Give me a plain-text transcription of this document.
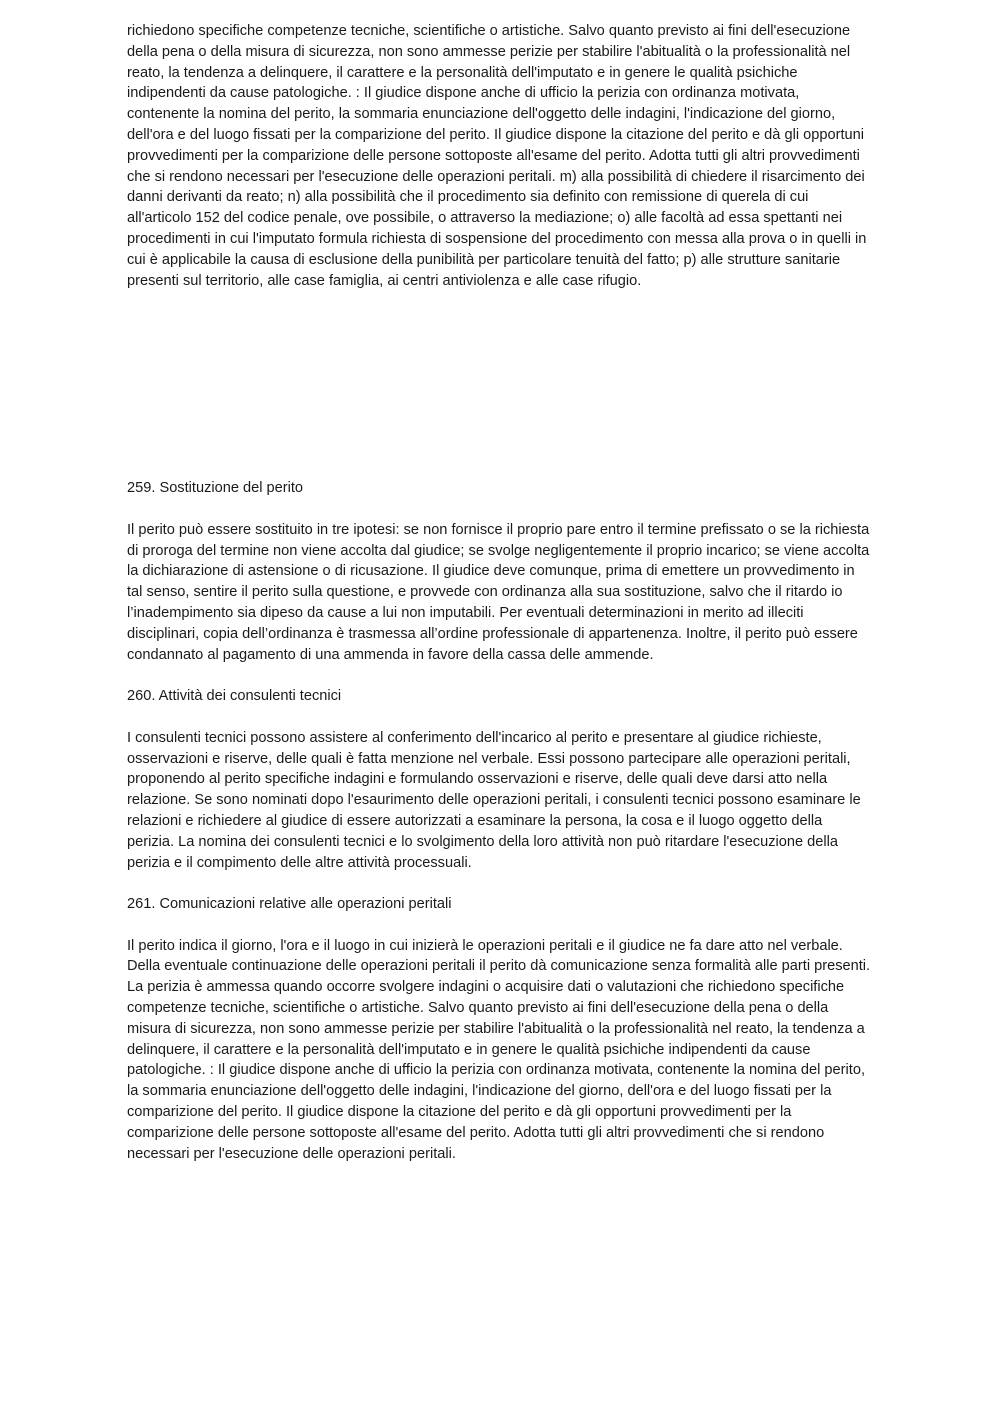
richiedono specifiche competenze tecniche, scientifiche o artistiche. Salvo quanto previsto ai fini dell'esecuzione della pena o della misura di sicurezza, non sono ammesse perizie per stabilire l'abitualità o la professionalità nel reato, la tendenza a delinquere, il carattere e la personalità dell'imputato e in genere le qualità psichiche indipendenti da cause patologiche. : Il giudice dispone anche di ufficio la perizia con ordinanza motivata, contenente la nomina del perito, la sommaria enunciazione dell'oggetto delle indagini, l'indicazione del giorno, dell'ora e del luogo fissati per la comparizione del perito. Il giudice dispone la citazione del perito e dà gli opportuni provvedimenti per la comparizione delle persone sottoposte all'esame del perito. Adotta tutti gli altri provvedimenti che si rendono necessari per l'esecuzione delle operazioni peritali. m) alla possibilità di chiedere il risarcimento dei danni derivanti da reato; n) alla possibilità che il procedimento sia definito con remissione di querela di cui all'articolo 152 del codice penale, ove possibile, o attraverso la mediazione; o) alle facoltà ad essa spettanti nei procedimenti in cui l'imputato formula richiesta di sospensione del procedimento con messa alla prova o in quelli in cui è applicabile la causa di esclusione della punibilità per particolare tenuità del fatto; p) alle strutture sanitarie presenti sul territorio, alle case famiglia, ai centri antiviolenza e alle case rifugio.

259. Sostituzione del perito

Il perito può essere sostituito in tre ipotesi: se non fornisce il proprio pare entro il termine prefissato o se la richiesta di proroga del termine non viene accolta dal giudice; se svolge negligentemente il proprio incarico; se viene accolta la dichiarazione di astensione o di ricusazione. Il giudice deve comunque, prima di emettere un provvedimento in tal senso, sentire il perito sulla questione, e provvede con ordinanza alla sua sostituzione, salvo che il ritardo io l’inadempimento sia dipeso da cause a lui non imputabili. Per eventuali determinazioni in merito ad illeciti disciplinari, copia dell’ordinanza è trasmessa all’ordine professionale di appartenenza. Inoltre, il perito può essere condannato al pagamento di una ammenda in favore della cassa delle ammende.

260. Attività dei consulenti tecnici

I consulenti tecnici possono assistere al conferimento dell'incarico al perito e presentare al giudice richieste, osservazioni e riserve, delle quali è fatta menzione nel verbale. Essi possono partecipare alle operazioni peritali, proponendo al perito specifiche indagini e formulando osservazioni e riserve, delle quali deve darsi atto nella relazione. Se sono nominati dopo l'esaurimento delle operazioni peritali, i consulenti tecnici possono esaminare le relazioni e richiedere al giudice di essere autorizzati a esaminare la persona, la cosa e il luogo oggetto della perizia. La nomina dei consulenti tecnici e lo svolgimento della loro attività non può ritardare l'esecuzione della perizia e il compimento delle altre attività processuali.

261. Comunicazioni relative alle operazioni peritali

Il perito indica il giorno, l'ora e il luogo in cui inizierà le operazioni peritali e il giudice ne fa dare atto nel verbale. Della eventuale continuazione delle operazioni peritali il perito dà comunicazione senza formalità alle parti presenti. La perizia è ammessa quando occorre svolgere indagini o acquisire dati o valutazioni che richiedono specifiche competenze tecniche, scientifiche o artistiche. Salvo quanto previsto ai fini dell'esecuzione della pena o della misura di sicurezza, non sono ammesse perizie per stabilire l'abitualità o la professionalità nel reato, la tendenza a delinquere, il carattere e la personalità dell'imputato e in genere le qualità psichiche indipendenti da cause patologiche. : Il giudice dispone anche di ufficio la perizia con ordinanza motivata, contenente la nomina del perito, la sommaria enunciazione dell'oggetto delle indagini, l'indicazione del giorno, dell'ora e del luogo fissati per la comparizione del perito. Il giudice dispone la citazione del perito e dà gli opportuni provvedimenti per la comparizione delle persone sottoposte all'esame del perito. Adotta tutti gli altri provvedimenti che si rendono necessari per l'esecuzione delle operazioni peritali.
